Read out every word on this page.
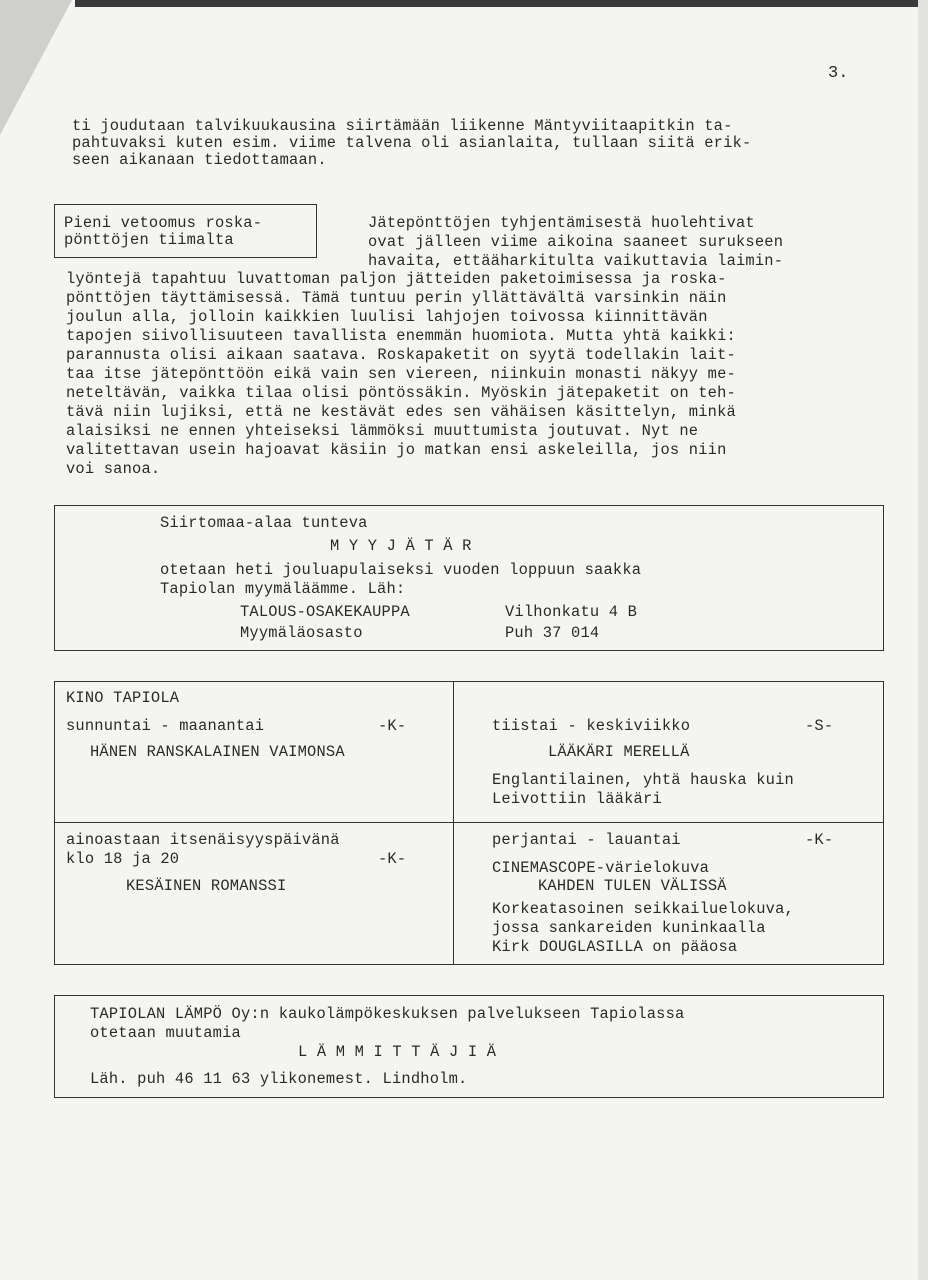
3.
ti joudutaan talvikuukausina siirtämään liikenne Mäntyviitaapitkin ta-
pahtuvaksi kuten esim. viime talvena oli asianlaita, tullaan siitä erik-
seen aikanaan tiedottamaan.
Pieni vetoomus roska-
pönttöjen tiimalta
Jätepönttöjen tyhjentämisestä huolehtivat
ovat jälleen viime aikoina saaneet surukseen
havaita, ettääharkitulta vaikuttavia laimin-
lyöntejä tapahtuu luvattoman paljon jätteiden paketoimisessa ja roska-
pönttöjen täyttämisessä. Tämä tuntuu perin yllättävältä varsinkin näin
joulun alla, jolloin kaikkien luulisi lahjojen toivossa kiinnittävän
tapojen siivollisuuteen tavallista enemmän huomiota. Mutta yhtä kaikki:
parannusta olisi aikaan saatava. Roskapaketit on syytä todellakin lait-
taa itse jätepönttöön eikä vain sen viereen, niinkuin monasti näkyy me-
neteltävän, vaikka tilaa olisi pöntössäkin. Myöskin jätepaketit on teh-
tävä niin lujiksi, että ne kestävät edes sen vähäisen käsittelyn, minkä
alaisiksi ne ennen yhteiseksi lämmöksi muuttumista joutuvat. Nyt ne
valitettavan usein hajoavat käsiin jo matkan ensi askeleilla, jos niin
voi sanoa.
Siirtomaa-alaa tunteva
M Y Y J Ä T Ä R
otetaan heti jouluapulaiseksi vuoden loppuun saakka
Tapiolan myymäläämme. Läh:
TALOUS-OSAKEKAUPPA	Vilhonkatu 4 B
Myymäläosasto	Puh 37 014
KINO TAPIOLA
sunnuntai - maanantai	-K-
HÄNEN RANSKALAINEN VAIMONSA
tiistai - keskiviikko	-S-
LÄÄKÄRI MERELLÄ
Englantilainen, yhtä hauska kuin
Leivottiin lääkäri
ainoastaan itsenäisyyspäivänä
klo 18 ja 20	-K-
KESÄINEN ROMANSSI
perjantai - lauantai	-K-
CINEMASCOPE-värielokuva
KAHDEN TULEN VÄLISSÄ
Korkeatasoinen seikkailuelokuva,
jossa sankareiden kuninkaalla
Kirk DOUGLASILLA on pääosa
TAPIOLAN LÄMPÖ Oy:n kaukolämpökeskuksen palvelukseen Tapiolassa
otetaan muutamia
L Ä M M I T T Ä J I Ä
Läh. puh 46 11 63 ylikonemest. Lindholm.
